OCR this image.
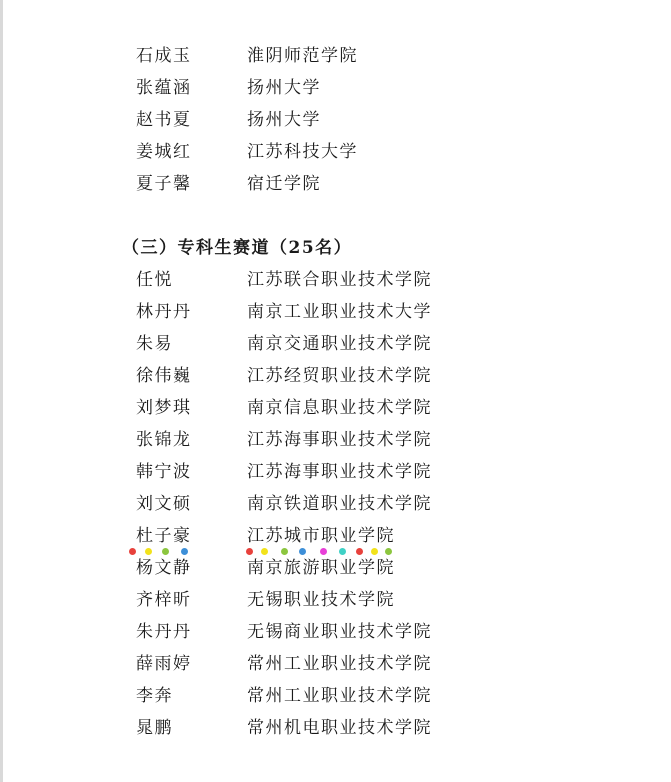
石成玉	淮阴师范学院
张蕴涵	扬州大学
赵书夏	扬州大学
姜城红	江苏科技大学
夏子馨	宿迁学院
（三）专科生赛道（25名）
任悦	江苏联合职业技术学院
林丹丹	南京工业职业技术大学
朱易	南京交通职业技术学院
徐伟巍	江苏经贸职业技术学院
刘梦琪	南京信息职业技术学院
张锦龙	江苏海事职业技术学院
韩宁波	江苏海事职业技术学院
刘文硕	南京铁道职业技术学院
杜子豪	江苏城市职业学院
杨文静	南京旅游职业学院
齐梓昕	无锡职业技术学院
朱丹丹	无锡商业职业技术学院
薛雨婷	常州工业职业技术学院
李奔	常州工业职业技术学院
晁鹏	常州机电职业技术学院
